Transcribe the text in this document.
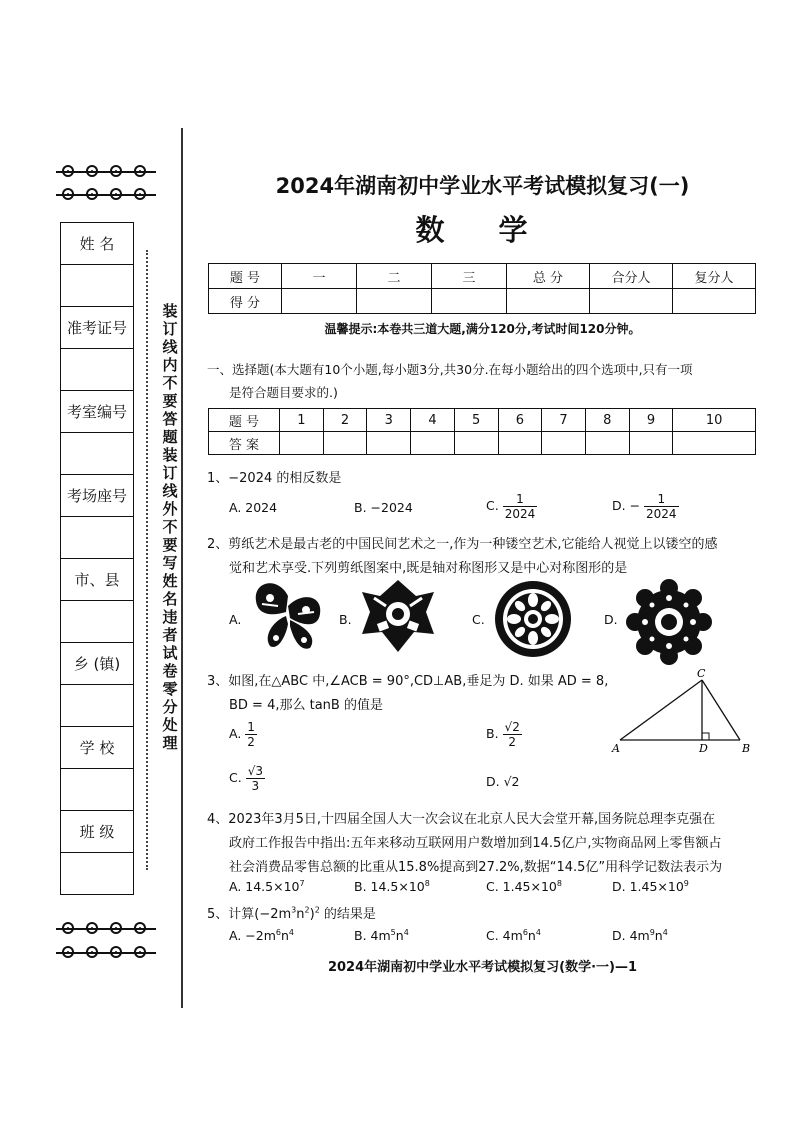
姓 名

准考证号

考室编号

考场座号

市、县

乡 (镇)

学 校

班 级

装订线内不要答题装订线外不要写姓名违者试卷零分处理
2024年湖南初中学业水平考试模拟复习(一)
数 学
题 号	一	二	三	总 分	合分人	复分人
得 分						
温馨提示:本卷共三道大题,满分120分,考试时间120分钟。
一、选择题(本大题有10个小题,每小题3分,共30分.在每小题给出的四个选项中,只有一项
是符合题目要求的.)
题 号	1	2	3	4	5	6	7	8	9	10
答 案										
1、−2024 的相反数是
A. 2024	B. −2024	C. $\frac{1}{2024}$	D. − $\frac{1}{2024}$
2、剪纸艺术是最古老的中国民间艺术之一,作为一种镂空艺术,它能给人视觉上以镂空的感
觉和艺术享受.下列剪纸图案中,既是轴对称图形又是中心对称图形的是
A.	B.	C.	D.
3、如图,在△ABC 中,∠ACB = 90°,CD⊥AB,垂足为 D. 如果 AD = 8,
BD = 4,那么 tanB 的值是
A. $\frac{1}{2}$	B. $\frac{√2}{2}$
C. $\frac{√3}{3}$	D. √2
A	D	B
C
4、2023年3月5日,十四届全国人大一次会议在北京人民大会堂开幕,国务院总理李克强在
政府工作报告中指出:五年来移动互联网用户数增加到14.5亿户,实物商品网上零售额占
社会消费品零售总额的比重从15.8%提高到27.2%,数据“14.5亿”用科学记数法表示为
A. $14.5\times 10^7$	B. $14.5\times 10^8$	C. $1.45\times 10^8$	D. $1.45\times 10^9$
5、计算$(-2m^3n^2)^2$ 的结果是
A. $-2m^6n^4$	B. $4m^5n^4$	C. $4m^6n^4$	D. $4m^9n^4$
2024年湖南初中学业水平考试模拟复习(数学·一)—1
